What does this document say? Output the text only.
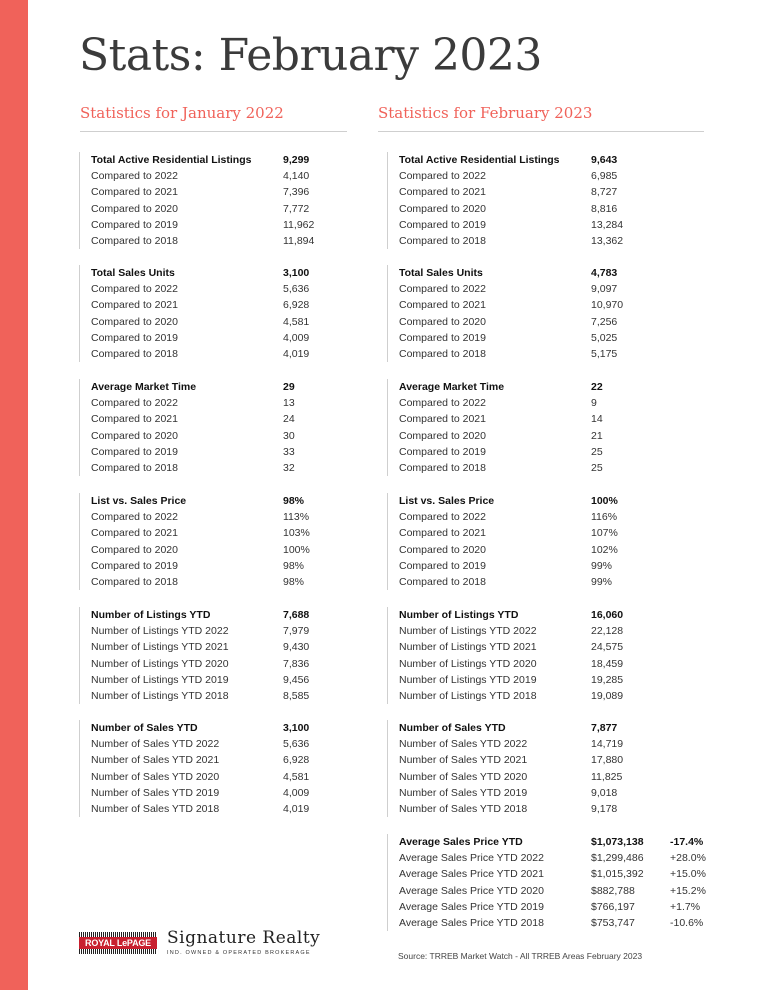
Stats: February 2023
Statistics for January 2022	Statistics for February 2023
Total Active Residential Listings	9,299
Compared to 2022	4,140
Compared to 2021	7,396
Compared to 2020	7,772
Compared to 2019	11,962
Compared to 2018	11,894
Total Sales Units	3,100
Compared to 2022	5,636
Compared to 2021	6,928
Compared to 2020	4,581
Compared to 2019	4,009
Compared to 2018	4,019
Average Market Time	29
Compared to 2022	13
Compared to 2021	24
Compared to 2020	30
Compared to 2019	33
Compared to 2018	32
List vs. Sales Price	98%
Compared to 2022	113%
Compared to 2021	103%
Compared to 2020	100%
Compared to 2019	98%
Compared to 2018	98%
Number of Listings YTD	7,688
Number of Listings YTD 2022	7,979
Number of Listings YTD 2021	9,430
Number of Listings YTD 2020	7,836
Number of Listings YTD 2019	9,456
Number of Listings YTD 2018	8,585
Number of Sales YTD	3,100
Number of Sales YTD 2022	5,636
Number of Sales YTD 2021	6,928
Number of Sales YTD 2020	4,581
Number of Sales YTD 2019	4,009
Number of Sales YTD 2018	4,019
Total Active Residential Listings	9,643
Compared to 2022	6,985
Compared to 2021	8,727
Compared to 2020	8,816
Compared to 2019	13,284
Compared to 2018	13,362
Total Sales Units	4,783
Compared to 2022	9,097
Compared to 2021	10,970
Compared to 2020	7,256
Compared to 2019	5,025
Compared to 2018	5,175
Average Market Time	22
Compared to 2022	9
Compared to 2021	14
Compared to 2020	21
Compared to 2019	25
Compared to 2018	25
List vs. Sales Price	100%
Compared to 2022	116%
Compared to 2021	107%
Compared to 2020	102%
Compared to 2019	99%
Compared to 2018	99%
Number of Listings YTD	16,060
Number of Listings YTD 2022	22,128
Number of Listings YTD 2021	24,575
Number of Listings YTD 2020	18,459
Number of Listings YTD 2019	19,285
Number of Listings YTD 2018	19,089
Number of Sales YTD	7,877
Number of Sales YTD 2022	14,719
Number of Sales YTD 2021	17,880
Number of Sales YTD 2020	11,825
Number of Sales YTD 2019	9,018
Number of Sales YTD 2018	9,178
Average Sales Price YTD	$1,073,138	-17.4%
Average Sales Price YTD 2022	$1,299,486	+28.0%
Average Sales Price YTD 2021	$1,015,392	+15.0%
Average Sales Price YTD 2020	$882,788	+15.2%
Average Sales Price YTD 2019	$766,197	+1.7%
Average Sales Price YTD 2018	$753,747	-10.6%
ROYAL LePAGE Signature Realty
IND. OWNED & OPERATED BROKERAGE	Source: TRREB Market Watch - All TRREB Areas February 2023
